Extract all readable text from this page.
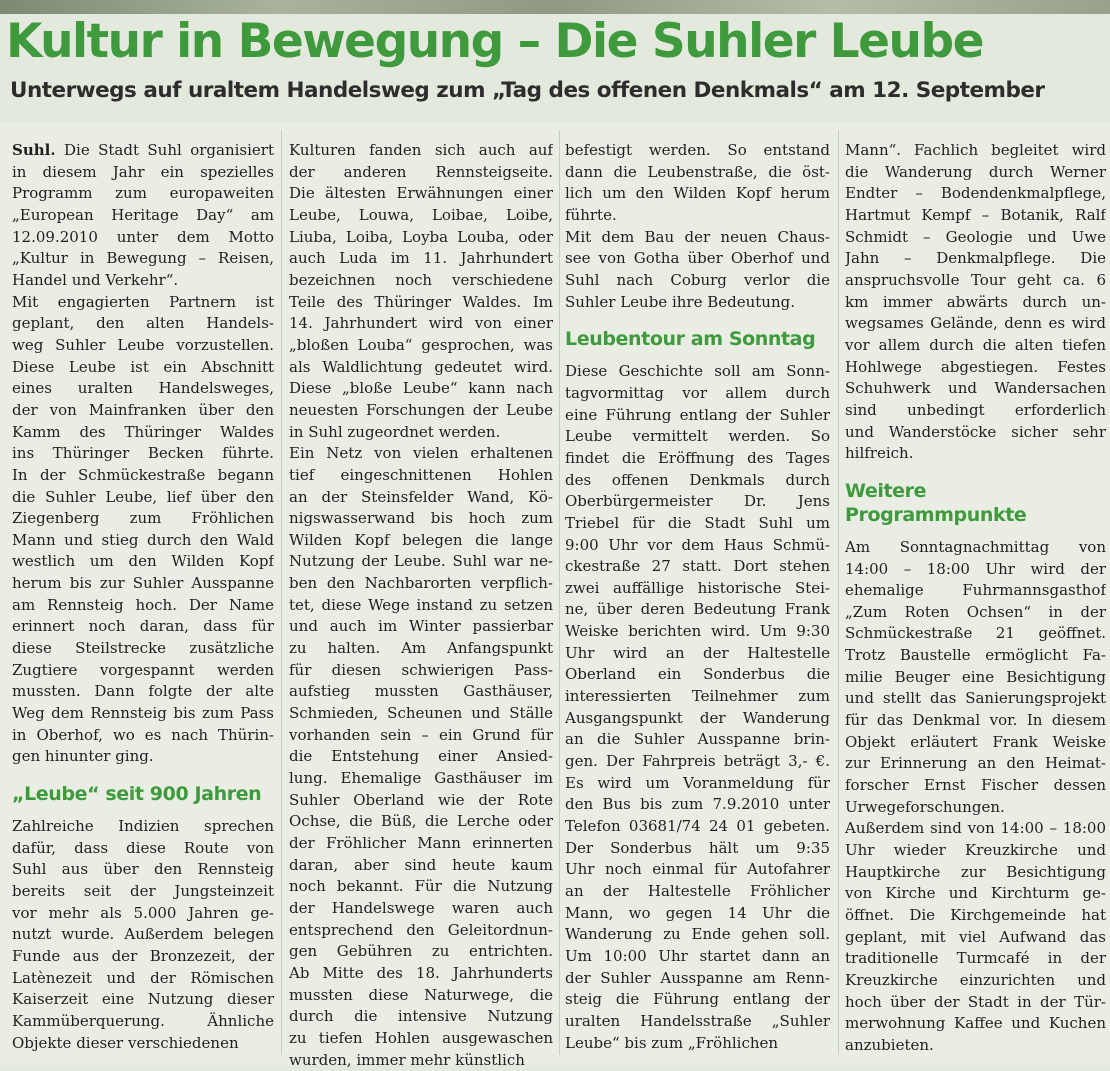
Kultur in Bewegung – Die Suhler Leube
Unterwegs auf uraltem Handelsweg zum „Tag des offenen Denkmals“ am 12. September
Suhl. Die Stadt Suhl organisiert
in diesem Jahr ein spezielles
Programm zum europaweiten
„European Heritage Day“ am
12.09.2010 unter dem Motto
„Kultur in Bewegung – Reisen,
Handel und Verkehr“.
Mit engagierten Partnern ist
geplant, den alten Handels-
weg Suhler Leube vorzustellen.
Diese Leube ist ein Abschnitt
eines uralten Handelsweges,
der von Mainfranken über den
Kamm des Thüringer Waldes
ins Thüringer Becken führte.
In der Schmückestraße begann
die Suhler Leube, lief über den
Ziegenberg zum Fröhlichen
Mann und stieg durch den Wald
westlich um den Wilden Kopf
herum bis zur Suhler Ausspanne
am Rennsteig hoch. Der Name
erinnert noch daran, dass für
diese Steilstrecke zusätzliche
Zugtiere vorgespannt werden
mussten. Dann folgte der alte
Weg dem Rennsteig bis zum Pass
in Oberhof, wo es nach Thürin-
gen hinunter ging.
„Leube“ seit 900 Jahren
Zahlreiche Indizien sprechen
dafür, dass diese Route von
Suhl aus über den Rennsteig
bereits seit der Jungsteinzeit
vor mehr als 5.000 Jahren ge-
nutzt wurde. Außerdem belegen
Funde aus der Bronzezeit, der
Latènezeit und der Römischen
Kaiserzeit eine Nutzung dieser
Kammüberquerung. Ähnliche
Objekte dieser verschiedenen
Kulturen fanden sich auch auf
der anderen Rennsteigseite.
Die ältesten Erwähnungen einer
Leube, Louwa, Loibae, Loibe,
Liuba, Loiba, Loyba Louba, oder
auch Luda im 11. Jahrhundert
bezeichnen noch verschiedene
Teile des Thüringer Waldes. Im
14. Jahrhundert wird von einer
„bloßen Louba“ gesprochen, was
als Waldlichtung gedeutet wird.
Diese „bloße Leube“ kann nach
neuesten Forschungen der Leube
in Suhl zugeordnet werden.
Ein Netz von vielen erhaltenen
tief eingeschnittenen Hohlen
an der Steinsfelder Wand, Kö-
nigswasserwand bis hoch zum
Wilden Kopf belegen die lange
Nutzung der Leube. Suhl war ne-
ben den Nachbarorten verpflich-
tet, diese Wege instand zu setzen
und auch im Winter passierbar
zu halten. Am Anfangspunkt
für diesen schwierigen Pass-
aufstieg mussten Gasthäuser,
Schmieden, Scheunen und Ställe
vorhanden sein – ein Grund für
die Entstehung einer Ansied-
lung. Ehemalige Gasthäuser im
Suhler Oberland wie der Rote
Ochse, die Büß, die Lerche oder
der Fröhlicher Mann erinnerten
daran, aber sind heute kaum
noch bekannt. Für die Nutzung
der Handelswege waren auch
entsprechend den Geleitordnun-
gen Gebühren zu entrichten.
Ab Mitte des 18. Jahrhunderts
mussten diese Naturwege, die
durch die intensive Nutzung
zu tiefen Hohlen ausgewaschen
wurden, immer mehr künstlich
befestigt werden. So entstand
dann die Leubenstraße, die öst-
lich um den Wilden Kopf herum
führte.
Mit dem Bau der neuen Chaus-
see von Gotha über Oberhof und
Suhl nach Coburg verlor die
Suhler Leube ihre Bedeutung.
Leubentour am Sonntag
Diese Geschichte soll am Sonn-
tagvormittag vor allem durch
eine Führung entlang der Suhler
Leube vermittelt werden. So
findet die Eröffnung des Tages
des offenen Denkmals durch
Oberbürgermeister Dr. Jens
Triebel für die Stadt Suhl um
9:00 Uhr vor dem Haus Schmü-
ckestraße 27 statt. Dort stehen
zwei auffällige historische Stei-
ne, über deren Bedeutung Frank
Weiske berichten wird. Um 9:30
Uhr wird an der Haltestelle
Oberland ein Sonderbus die
interessierten Teilnehmer zum
Ausgangspunkt der Wanderung
an die Suhler Ausspanne brin-
gen. Der Fahrpreis beträgt 3,- €.
Es wird um Voranmeldung für
den Bus bis zum 7.9.2010 unter
Telefon 03681/74 24 01 gebeten.
Der Sonderbus hält um 9:35
Uhr noch einmal für Autofahrer
an der Haltestelle Fröhlicher
Mann, wo gegen 14 Uhr die
Wanderung zu Ende gehen soll.
Um 10:00 Uhr startet dann an
der Suhler Ausspanne am Renn-
steig die Führung entlang der
uralten Handelsstraße „Suhler
Leube“ bis zum „Fröhlichen
Mann“. Fachlich begleitet wird
die Wanderung durch Werner
Endter – Bodendenkmalpflege,
Hartmut Kempf – Botanik, Ralf
Schmidt – Geologie und Uwe
Jahn – Denkmalpflege. Die
anspruchsvolle Tour geht ca. 6
km immer abwärts durch un-
wegsames Gelände, denn es wird
vor allem durch die alten tiefen
Hohlwege abgestiegen. Festes
Schuhwerk und Wandersachen
sind unbedingt erforderlich
und Wanderstöcke sicher sehr
hilfreich.
Weitere
Programmpunkte
Am Sonntagnachmittag von
14:00 – 18:00 Uhr wird der
ehemalige Fuhrmannsgasthof
„Zum Roten Ochsen“ in der
Schmückestraße 21 geöffnet.
Trotz Baustelle ermöglicht Fa-
milie Beuger eine Besichtigung
und stellt das Sanierungsprojekt
für das Denkmal vor. In diesem
Objekt erläutert Frank Weiske
zur Erinnerung an den Heimat-
forscher Ernst Fischer dessen
Urwegeforschungen.
Außerdem sind von 14:00 – 18:00
Uhr wieder Kreuzkirche und
Hauptkirche zur Besichtigung
von Kirche und Kirchturm ge-
öffnet. Die Kirchgemeinde hat
geplant, mit viel Aufwand das
traditionelle Turmcafé in der
Kreuzkirche einzurichten und
hoch über der Stadt in der Tür-
merwohnung Kaffee und Kuchen
anzubieten.
